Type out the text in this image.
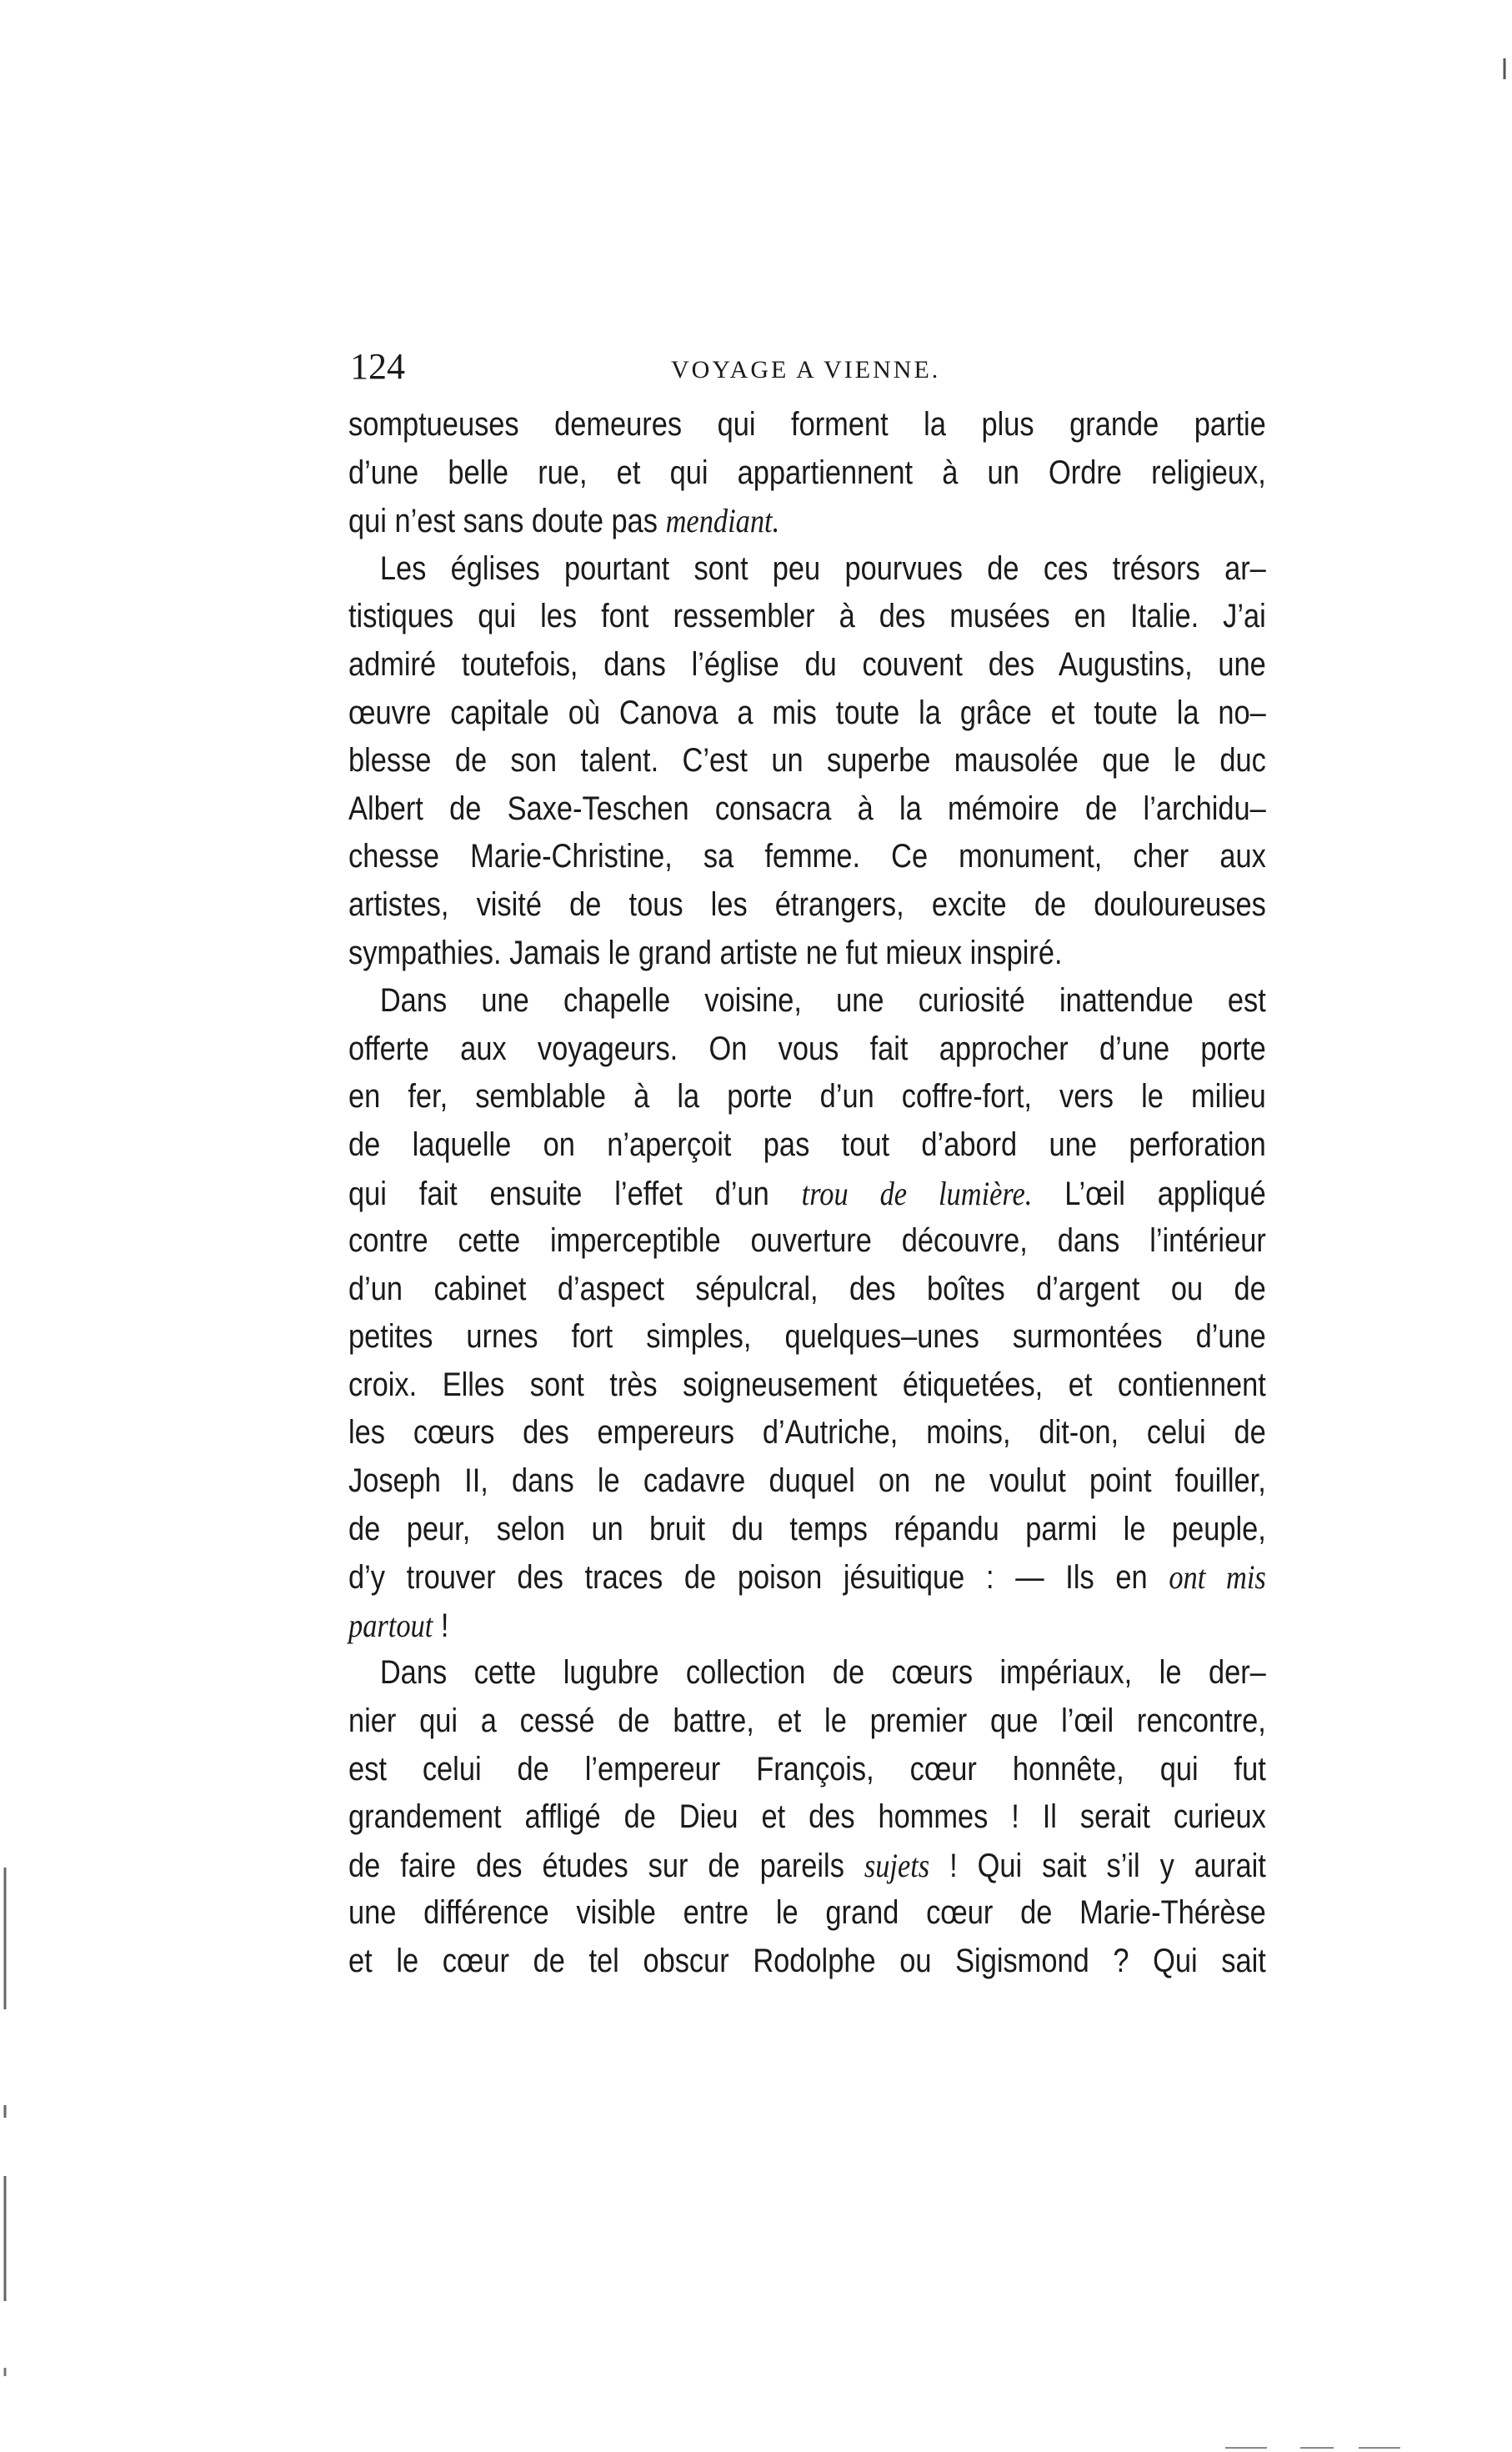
124	VOYAGE A VIENNE.
somptueuses demeures qui forment la plus grande partie
d’une belle rue, et qui appartiennent à un Ordre religieux,
qui n’est sans doute pas mendiant.
Les églises pourtant sont peu pourvues de ces trésors ar–
tistiques qui les font ressembler à des musées en Italie. J’ai
admiré toutefois, dans l’église du couvent des Augustins, une
œuvre capitale où Canova a mis toute la grâce et toute la no–
blesse de son talent. C’est un superbe mausolée que le duc
Albert de Saxe-Teschen consacra à la mémoire de l’archidu–
chesse Marie-Christine, sa femme. Ce monument, cher aux
artistes, visité de tous les étrangers, excite de douloureuses
sympathies. Jamais le grand artiste ne fut mieux inspiré.
Dans une chapelle voisine, une curiosité inattendue est
offerte aux voyageurs. On vous fait approcher d’une porte
en fer, semblable à la porte d’un coffre-fort, vers le milieu
de laquelle on n’aperçoit pas tout d’abord une perforation
qui fait ensuite l’effet d’un trou de lumière. L’œil appliqué
contre cette imperceptible ouverture découvre, dans l’intérieur
d’un cabinet d’aspect sépulcral, des boîtes d’argent ou de
petites urnes fort simples, quelques–unes surmontées d’une
croix. Elles sont très soigneusement étiquetées, et contiennent
les cœurs des empereurs d’Autriche, moins, dit-on, celui de
Joseph II, dans le cadavre duquel on ne voulut point fouiller,
de peur, selon un bruit du temps répandu parmi le peuple,
d’y trouver des traces de poison jésuitique : — Ils en ont mis
partout !
Dans cette lugubre collection de cœurs impériaux, le der–
nier qui a cessé de battre, et le premier que l’œil rencontre,
est celui de l’empereur François, cœur honnête, qui fut
grandement affligé de Dieu et des hommes ! Il serait curieux
de faire des études sur de pareils sujets ! Qui sait s’il y aurait
une différence visible entre le grand cœur de Marie-Thérèse
et le cœur de tel obscur Rodolphe ou Sigismond ? Qui sait
